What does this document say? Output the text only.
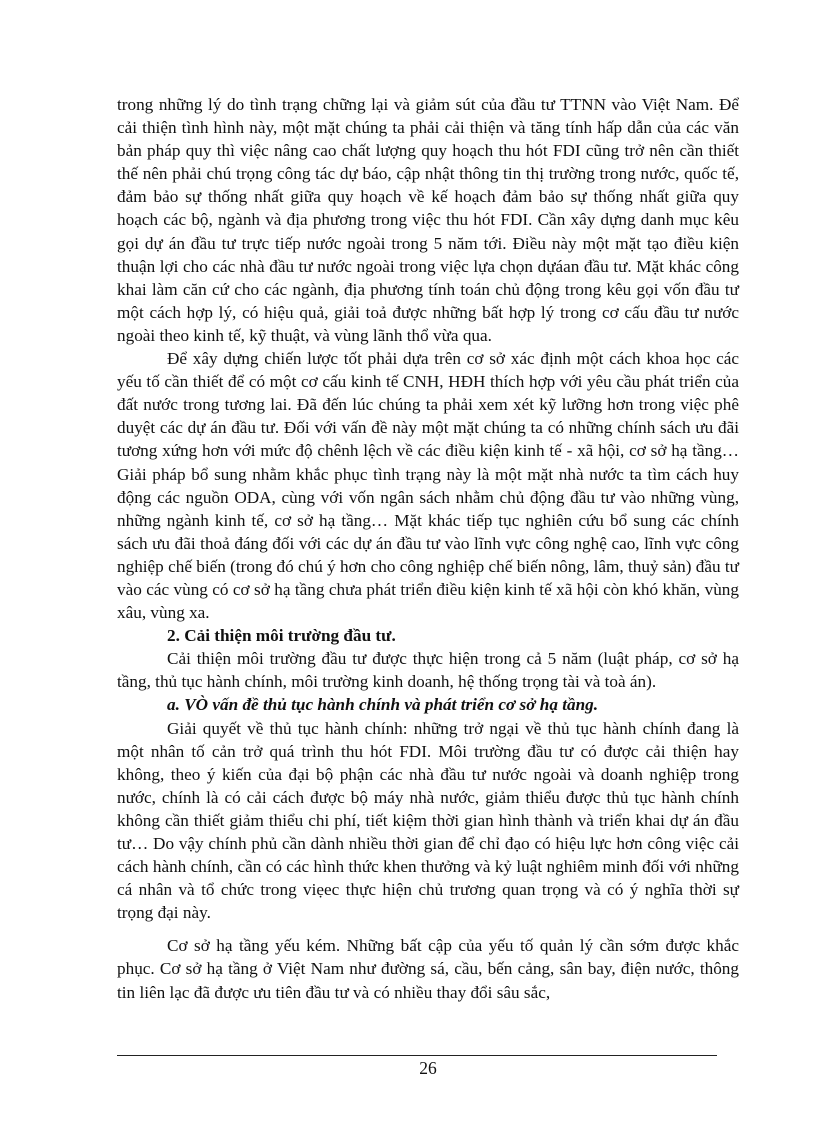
trong những lý do tình trạng chững lại và giảm sút của đầu tư TTNN vào Việt Nam. Để cải thiện tình hình này, một mặt chúng ta phải cải thiện và tăng tính hấp dẫn của các văn bản pháp quy thì việc nâng cao chất lượng quy hoạch thu hót FDI cũng trở nên cần thiết thế nên phải chú trọng công tác dự báo, cập nhật thông tin thị trường trong nước, quốc tế, đảm bảo sự thống nhất giữa quy hoạch về kế hoạch đảm bảo sự thống nhất giữa quy hoạch các bộ, ngành và địa phương trong việc thu hót FDI. Cần xây dựng danh mục kêu gọi dự án đầu tư trực tiếp nước ngoài trong 5 năm tới. Điều này một mặt tạo điều kiện thuận lợi cho các nhà đầu tư nước ngoài trong việc lựa chọn dựáan đầu tư. Mặt khác công khai làm căn cứ cho các ngành, địa phương tính toán chủ động trong kêu gọi vốn đầu tư một cách hợp lý, có hiệu quả, giải toả được những bất hợp lý trong cơ cấu đầu tư nước ngoài theo kinh tế, kỹ thuật, và vùng lãnh thổ vừa qua.

Để xây dựng chiến lược tốt phải dựa trên cơ sở xác định một cách khoa học các yếu tố cần thiết để có một cơ cấu kinh tế CNH, HĐH thích hợp với yêu cầu phát triển của đất nước trong tương lai. Đã đến lúc chúng ta phải xem xét kỹ lưỡng hơn trong việc phê duyệt các dự án đầu tư. Đối với vấn đề này một mặt chúng ta có những chính sách ưu đãi tương xứng hơn với mức độ chênh lệch về các điều kiện kinh tế - xã hội, cơ sở hạ tầng… Giải pháp bổ sung nhằm khắc phục tình trạng này là một mặt nhà nước ta tìm cách huy động các nguồn ODA, cùng với vốn ngân sách nhằm chủ động đầu tư vào những vùng, những ngành kinh tế, cơ sở hạ tầng… Mặt khác tiếp tục nghiên cứu bổ sung các chính sách ưu đãi thoả đáng đối với các dự án đầu tư vào lĩnh vực công nghệ cao, lĩnh vực công nghiệp chế biến (trong đó chú ý hơn cho công nghiệp chế biến nông, lâm, thuỷ sản) đầu tư vào các vùng có cơ sở hạ tầng chưa phát triển điều kiện kinh tế xã hội còn khó khăn, vùng xâu, vùng xa.

2. Cải thiện môi trường đầu tư.

Cải thiện môi trường đầu tư được thực hiện trong cả 5 năm (luật pháp, cơ sở hạ tầng, thủ tục hành chính, môi trường kinh doanh, hệ thống trọng tài và toà án).

a. VÒ vấn đề thủ tục hành chính và phát triển cơ sở hạ tầng.

Giải quyết về thủ tục hành chính: những trở ngại về thủ tục hành chính đang là một nhân tố cản trở quá trình thu hót FDI. Môi trường đầu tư có được cải thiện hay không, theo ý kiến của đại bộ phận các nhà đầu tư nước ngoài và doanh nghiệp trong nước, chính là có cải cách được bộ máy nhà nước, giảm thiểu được thủ tục hành chính không cần thiết giảm thiểu chi phí, tiết kiệm thời gian hình thành và triển khai dự án đầu tư… Do vậy chính phủ cần dành nhiều thời gian để chỉ đạo có hiệu lực hơn công việc cải cách hành chính, cần có các hình thức khen thưởng và kỷ luật nghiêm minh đối với những cá nhân và tổ chức trong viẹec thực hiện chủ trương quan trọng và có ý nghĩa thời sự trọng đại này.

Cơ sở hạ tầng yếu kém. Những bất cập của yếu tố quản lý cần sớm được khắc phục. Cơ sở hạ tầng ở Việt Nam như đường sá, cầu, bến cảng, sân bay, điện nước, thông tin liên lạc đã được ưu tiên đầu tư và có nhiều thay đổi sâu sắc,

26
